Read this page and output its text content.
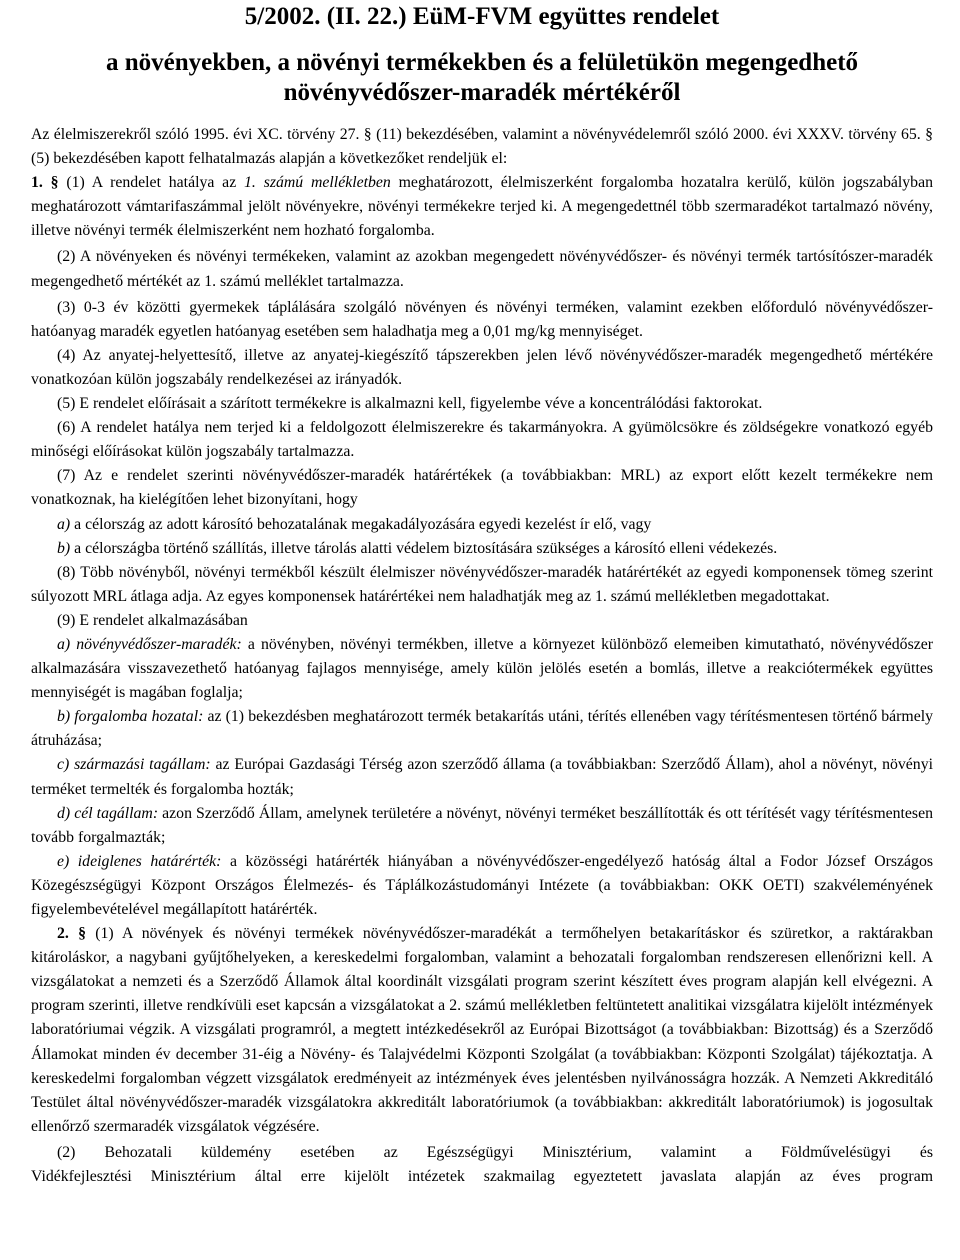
5/2002. (II. 22.) EüM-FVM együttes rendelet

a növényekben, a növényi termékekben és a felületükön megengedhető növényvédőszer-maradék mértékéről

Az élelmiszerekről szóló 1995. évi XC. törvény 27. § (11) bekezdésében, valamint a növényvédelemről szóló 2000. évi XXXV. törvény 65. § (5) bekezdésében kapott felhatalmazás alapján a következőket rendeljük el:

1. § (1) A rendelet hatálya az 1. számú mellékletben meghatározott, élelmiszerként forgalomba hozatalra kerülő, külön jogszabályban meghatározott vámtarifaszámmal jelölt növényekre, növényi termékekre terjed ki. A megengedettnél több szermaradékot tartalmazó növény, illetve növényi termék élelmiszerként nem hozható forgalomba.

(2) A növényeken és növényi termékeken, valamint az azokban megengedett növényvédőszer- és növényi termék tartósítószer-maradék megengedhető mértékét az 1. számú melléklet tartalmazza.

(3) 0-3 év közötti gyermekek táplálására szolgáló növényen és növényi terméken, valamint ezekben előforduló növényvédőszer-hatóanyag maradék egyetlen hatóanyag esetében sem haladhatja meg a 0,01 mg/kg mennyiséget.

(4) Az anyatej-helyettesítő, illetve az anyatej-kiegészítő tápszerekben jelen lévő növényvédőszer-maradék megengedhető mértékére vonatkozóan külön jogszabály rendelkezései az irányadók.

(5) E rendelet előírásait a szárított termékekre is alkalmazni kell, figyelembe véve a koncentrálódási faktorokat.

(6) A rendelet hatálya nem terjed ki a feldolgozott élelmiszerekre és takarmányokra. A gyümölcsökre és zöldségekre vonatkozó egyéb minőségi előírásokat külön jogszabály tartalmazza.

(7) Az e rendelet szerinti növényvédőszer-maradék határértékek (a továbbiakban: MRL) az export előtt kezelt termékekre nem vonatkoznak, ha kielégítően lehet bizonyítani, hogy

a) a célország az adott károsító behozatalának megakadályozására egyedi kezelést ír elő, vagy

b) a célországba történő szállítás, illetve tárolás alatti védelem biztosítására szükséges a károsító elleni védekezés.

(8) Több növényből, növényi termékből készült élelmiszer növényvédőszer-maradék határértékét az egyedi komponensek tömeg szerint súlyozott MRL átlaga adja. Az egyes komponensek határértékei nem haladhatják meg az 1. számú mellékletben megadottakat.

(9) E rendelet alkalmazásában

a) növényvédőszer-maradék: a növényben, növényi termékben, illetve a környezet különböző elemeiben kimutatható, növényvédőszer alkalmazására visszavezethető hatóanyag fajlagos mennyisége, amely külön jelölés esetén a bomlás, illetve a reakciótermékek együttes mennyiségét is magában foglalja;

b) forgalomba hozatal: az (1) bekezdésben meghatározott termék betakarítás utáni, térítés ellenében vagy térítésmentesen történő bármely átruházása;

c) származási tagállam: az Európai Gazdasági Térség azon szerződő állama (a továbbiakban: Szerződő Állam), ahol a növényt, növényi terméket termelték és forgalomba hozták;

d) cél tagállam: azon Szerződő Állam, amelynek területére a növényt, növényi terméket beszállították és ott térítését vagy térítésmentesen tovább forgalmazták;

e) ideiglenes határérték: a közösségi határérték hiányában a növényvédőszer-engedélyező hatóság által a Fodor József Országos Közegészségügyi Központ Országos Élelmezés- és Táplálkozástudományi Intézete (a továbbiakban: OKK OETI) szakvéleményének figyelembevételével megállapított határérték.

2. § (1) A növények és növényi termékek növényvédőszer-maradékát a termőhelyen betakarításkor és szüretkor, a raktárakban kitároláskor, a nagybani gyűjtőhelyeken, a kereskedelmi forgalomban, valamint a behozatali forgalomban rendszeresen ellenőrizni kell. A vizsgálatokat a nemzeti és a Szerződő Államok által koordinált vizsgálati program szerint készített éves program alapján kell elvégezni. A program szerinti, illetve rendkívüli eset kapcsán a vizsgálatokat a 2. számú mellékletben feltüntetett analitikai vizsgálatra kijelölt intézmények laboratóriumai végzik. A vizsgálati programról, a megtett intézkedésekről az Európai Bizottságot (a továbbiakban: Bizottság) és a Szerződő Államokat minden év december 31-éig a Növény- és Talajvédelmi Központi Szolgálat (a továbbiakban: Központi Szolgálat) tájékoztatja. A kereskedelmi forgalomban végzett vizsgálatok eredményeit az intézmények éves jelentésben nyilvánosságra hozzák. A Nemzeti Akkreditáló Testület által növényvédőszer-maradék vizsgálatokra akkreditált laboratóriumok (a továbbiakban: akkreditált laboratóriumok) is jogosultak ellenőrző szermaradék vizsgálatok végzésére.

(2) Behozatali küldemény esetében az Egészségügyi Minisztérium, valamint a Földművelésügyi és

Vidékfejlesztési Minisztérium által erre kijelölt intézetek szakmailag egyeztetett javaslata alapján az éves program
